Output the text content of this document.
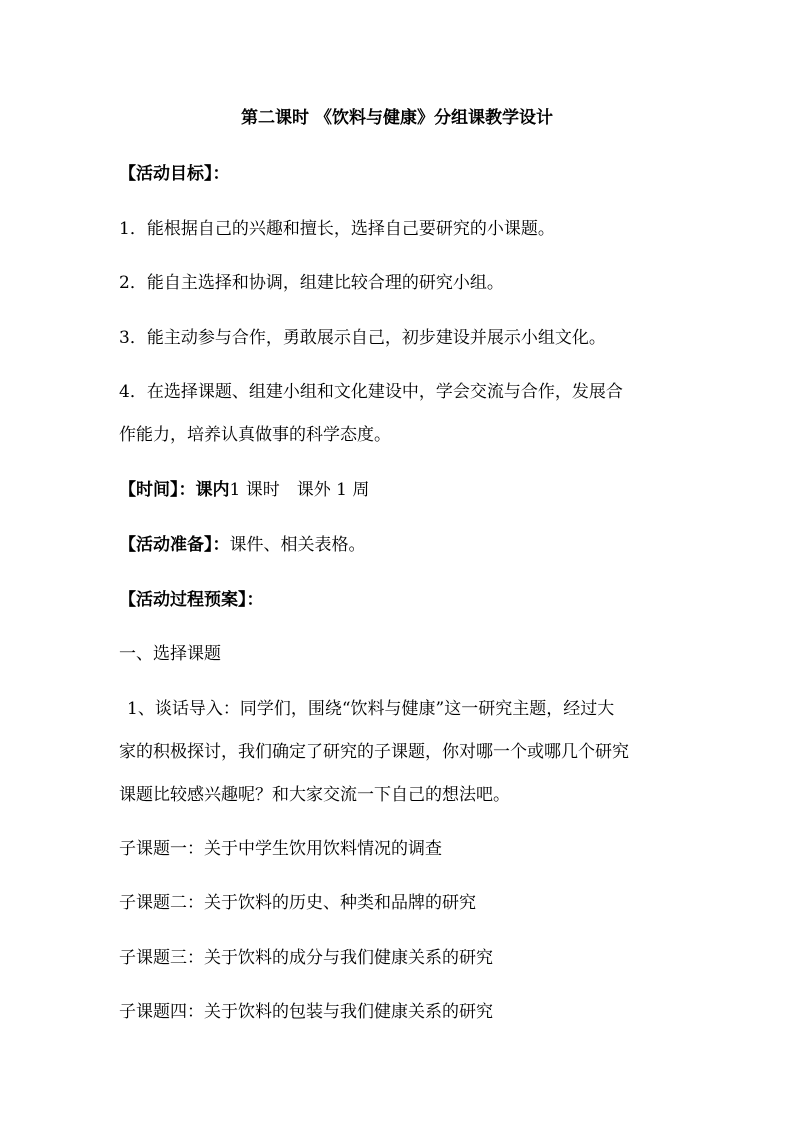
第二课时 《饮料与健康》分组课教学设计
【活动目标】：
1．能根据自己的兴趣和擅长，选择自己要研究的小课题。
2．能自主选择和协调，组建比较合理的研究小组。
3．能主动参与合作，勇敢展示自己，初步建设并展示小组文化。
4．在选择课题、组建小组和文化建设中，学会交流与合作，发展合
作能力，培养认真做事的科学态度。
【时间】：课内1 课时　课外 1 周
【活动准备】：课件、相关表格。
【活动过程预案】：
一、选择课题
1、谈话导入：同学们，围绕“饮料与健康”这一研究主题，经过大
家的积极探讨，我们确定了研究的子课题，你对哪一个或哪几个研究
课题比较感兴趣呢？和大家交流一下自己的想法吧。
子课题一：关于中学生饮用饮料情况的调查
子课题二：关于饮料的历史、种类和品牌的研究
子课题三：关于饮料的成分与我们健康关系的研究
子课题四：关于饮料的包装与我们健康关系的研究
